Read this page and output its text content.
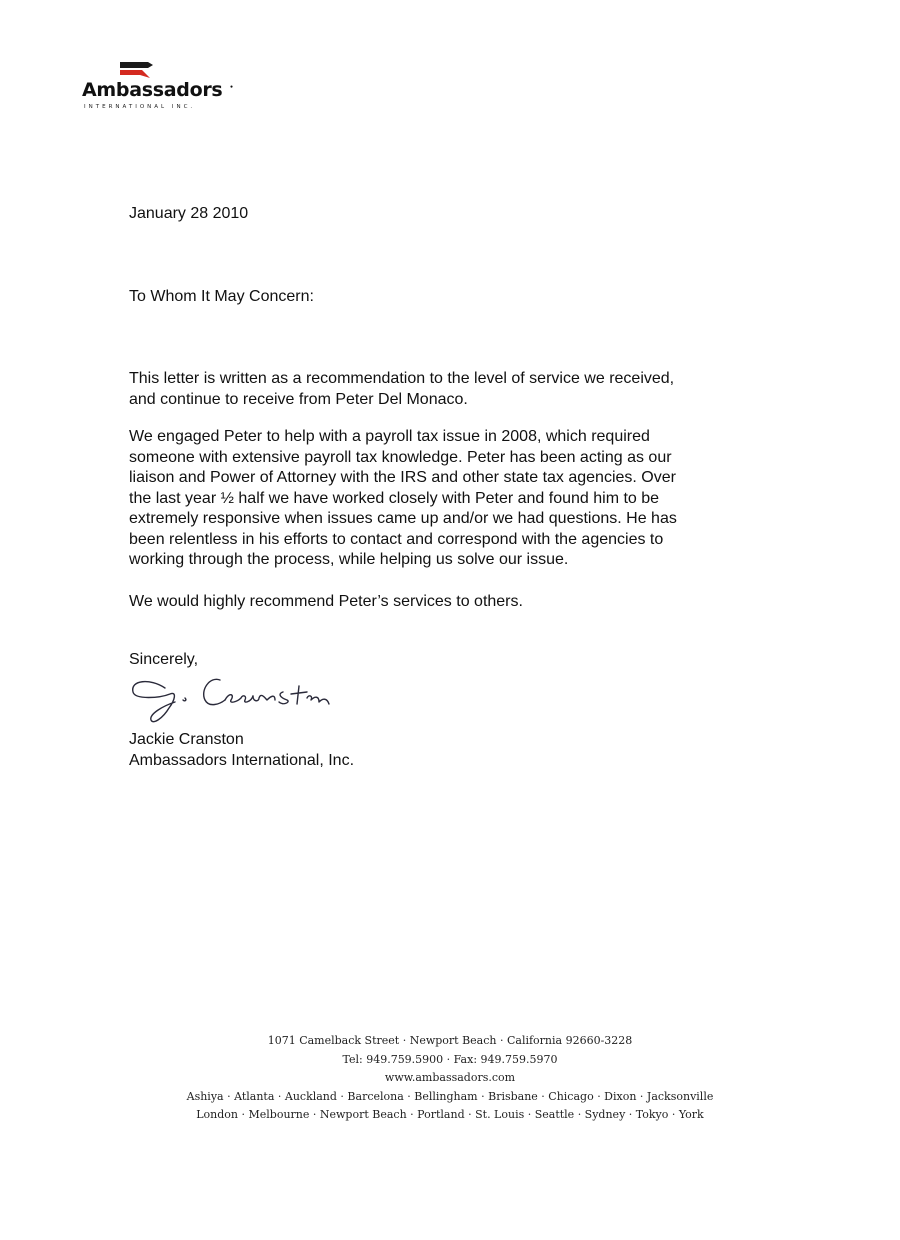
Ambassadors ●
INTERNATIONAL INC.
January 28 2010
To Whom It May Concern:
This letter is written as a recommendation to the level of service we received,
and continue to receive from Peter Del Monaco.
We engaged Peter to help with a payroll tax issue in 2008, which required
someone with extensive payroll tax knowledge. Peter has been acting as our
liaison and Power of Attorney with the IRS and other state tax agencies. Over
the last year ½ half we have worked closely with Peter and found him to be
extremely responsive when issues came up and/or we had questions. He has
been relentless in his efforts to contact and correspond with the agencies to
working through the process, while helping us solve our issue.
We would highly recommend Peter’s services to others.
Sincerely,
Jackie Cranston
Ambassadors International, Inc.
1071 Camelback Street · Newport Beach · California 92660-3228
Tel: 949.759.5900 · Fax: 949.759.5970
www.ambassadors.com
Ashiya · Atlanta · Auckland · Barcelona · Bellingham · Brisbane · Chicago · Dixon · Jacksonville
London · Melbourne · Newport Beach · Portland · St. Louis · Seattle · Sydney · Tokyo · York
